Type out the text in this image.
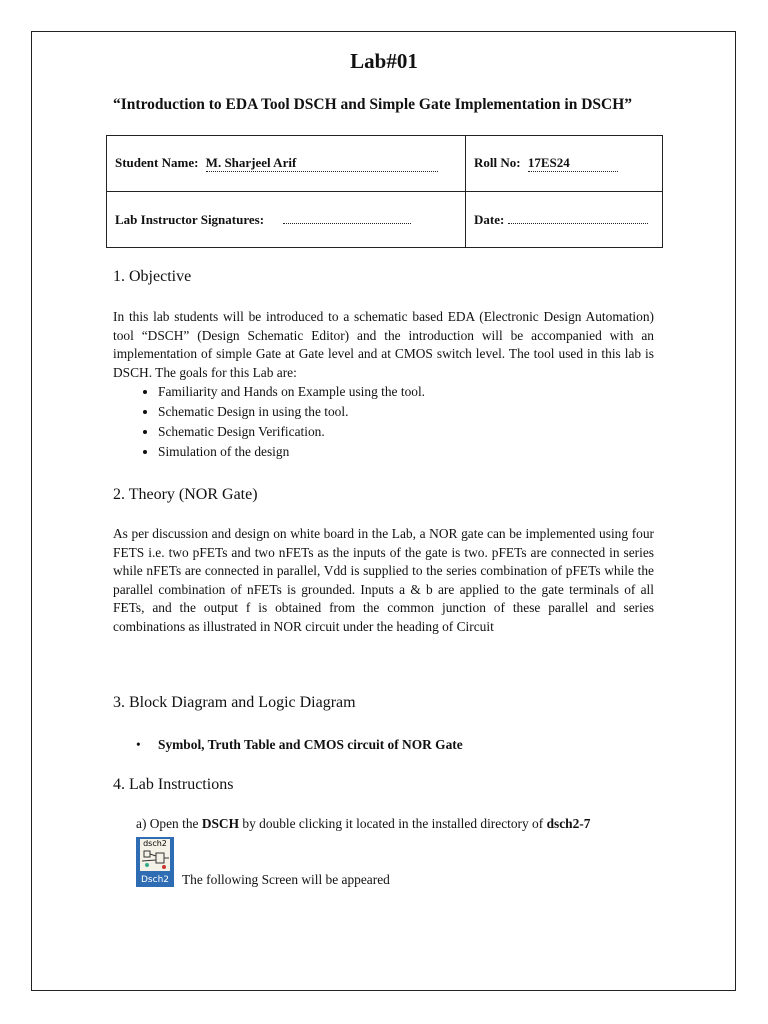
Lab#01
“Introduction to EDA Tool DSCH and Simple Gate Implementation in DSCH”
Student Name: M. Sharjeel Arif	Roll No: 17ES24
Lab Instructor Signatures:	Date:
1. Objective
In this lab students will be introduced to a schematic based EDA (Electronic Design Automation) tool “DSCH” (Design Schematic Editor) and the introduction will be accompanied with an implementation of simple Gate at Gate level and at CMOS switch level. The tool used in this lab is DSCH. The goals for this Lab are:
• Familiarity and Hands on Example using the tool.
• Schematic Design in using the tool.
• Schematic Design Verification.
• Simulation of the design
2. Theory (NOR Gate)
As per discussion and design on white board in the Lab, a NOR gate can be implemented using four FETS i.e. two pFETs and two nFETs as the inputs of the gate is two. pFETs are connected in series while nFETs are connected in parallel, Vdd is supplied to the series combination of pFETs while the parallel combination of nFETs is grounded. Inputs a & b are applied to the gate terminals of all FETs, and the output f is obtained from the common junction of these parallel and series combinations as illustrated in NOR circuit under the heading of Circuit
3. Block Diagram and Logic Diagram
• Symbol, Truth Table and CMOS circuit of NOR Gate
4. Lab Instructions
a) Open the DSCH by double clicking it located in the installed directory of dsch2-7
dsch2
Dsch2 The following Screen will be appeared
